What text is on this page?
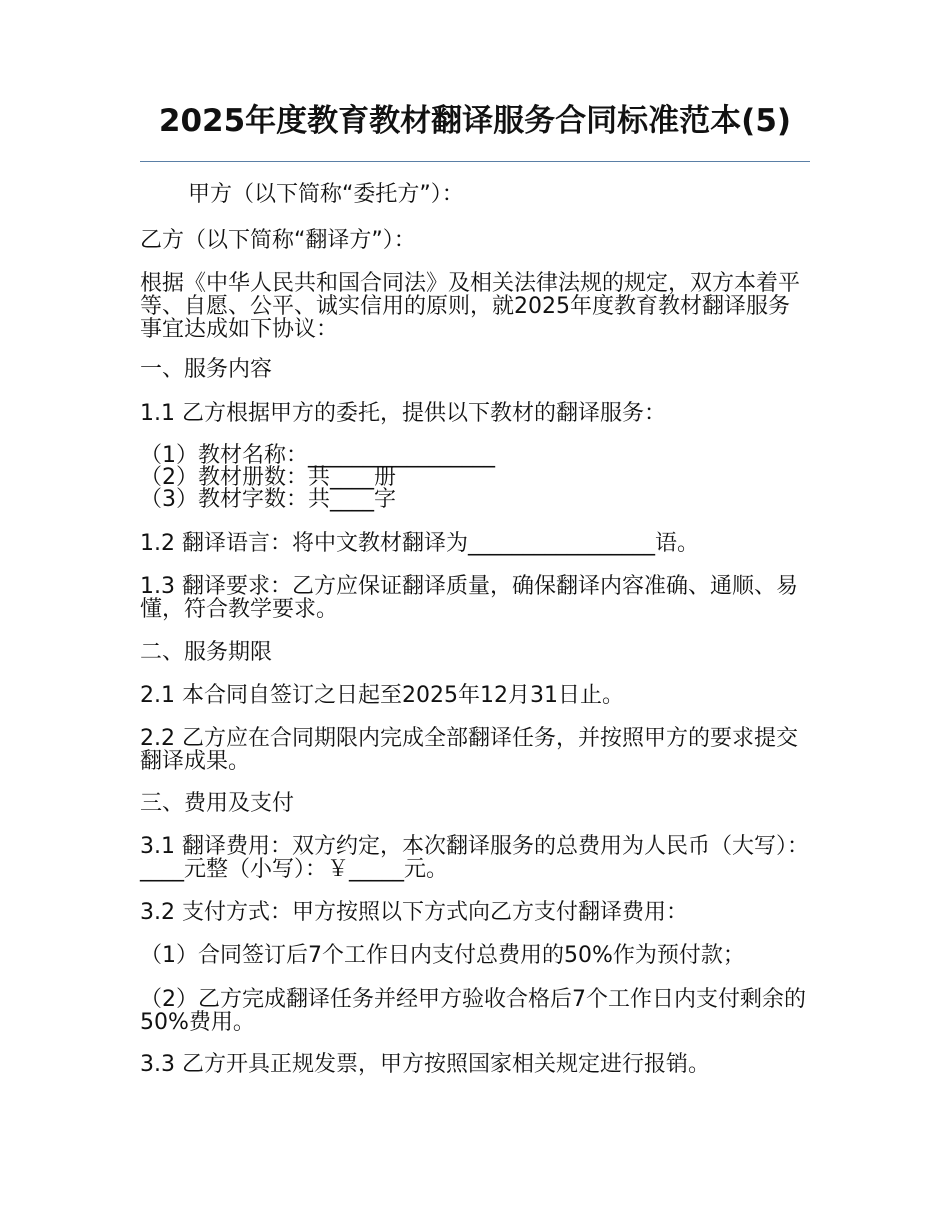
2025年度教育教材翻译服务合同标准范本(5)

甲方（以下简称“委托方”）：

乙方（以下简称“翻译方”）：

根据《中华人民共和国合同法》及相关法律法规的规定，双方本着平等、自愿、公平、诚实信用的原则，就2025年度教育教材翻译服务事宜达成如下协议：

一、服务内容

1.1 乙方根据甲方的委托，提供以下教材的翻译服务：

（1）教材名称：_________________

（2）教材册数：共____册

（3）教材字数：共____字

1.2 翻译语言：将中文教材翻译为_________________语。

1.3 翻译要求：乙方应保证翻译质量，确保翻译内容准确、通顺、易懂，符合教学要求。

二、服务期限

2.1 本合同自签订之日起至2025年12月31日止。

2.2 乙方应在合同期限内完成全部翻译任务，并按照甲方的要求提交翻译成果。

三、费用及支付

3.1 翻译费用：双方约定，本次翻译服务的总费用为人民币（大写）：____元整（小写）：￥_____元。

3.2 支付方式：甲方按照以下方式向乙方支付翻译费用：

（1）合同签订后7个工作日内支付总费用的50%作为预付款；

（2）乙方完成翻译任务并经甲方验收合格后7个工作日内支付剩余的50%费用。

3.3 乙方开具正规发票，甲方按照国家相关规定进行报销。
